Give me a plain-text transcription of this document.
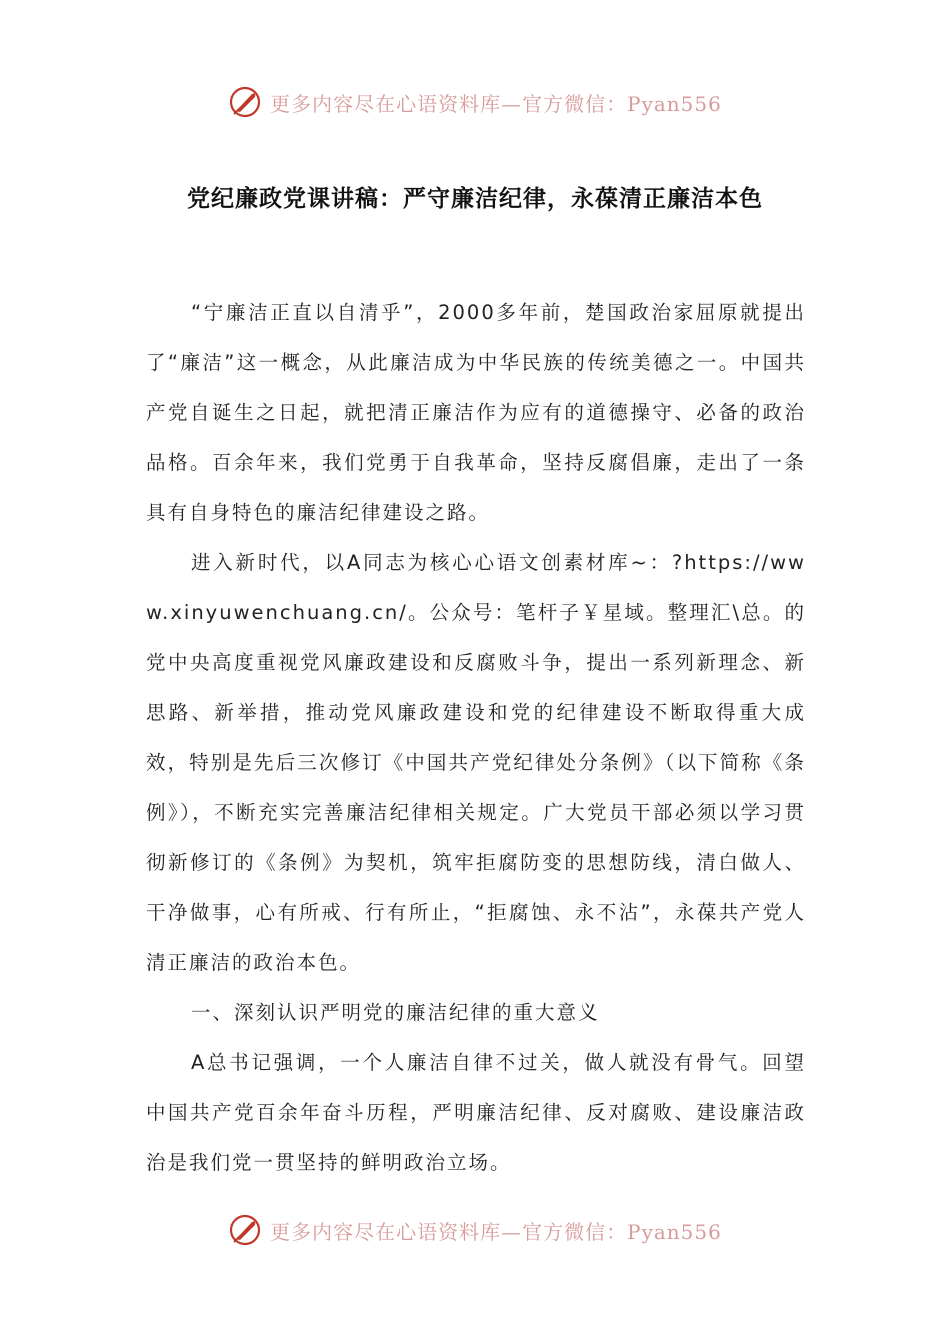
更多内容尽在心语资料库—官方微信：Pyan556
党纪廉政党课讲稿：严守廉洁纪律，永葆清正廉洁本色

“宁廉洁正直以自清乎”，2000多年前，楚国政治家屈原就提出了“廉洁”这一概念，从此廉洁成为中华民族的传统美德之一。中国共产党自诞生之日起，就把清正廉洁作为应有的道德操守、必备的政治品格。百余年来，我们党勇于自我革命，坚持反腐倡廉，走出了一条具有自身特色的廉洁纪律建设之路。

进入新时代，以A同志为核心心语文创素材库~：?https://www.xinyuwenchuang.cn/。公众号：笔杆子￥星域。整理汇\总。的党中央高度重视党风廉政建设和反腐败斗争，提出一系列新理念、新思路、新举措，推动党风廉政建设和党的纪律建设不断取得重大成效，特别是先后三次修订《中国共产党纪律处分条例》（以下简称《条例》），不断充实完善廉洁纪律相关规定。广大党员干部必须以学习贯彻新修订的《条例》为契机，筑牢拒腐防变的思想防线，清白做人、干净做事，心有所戒、行有所止，“拒腐蚀、永不沾”，永葆共产党人清正廉洁的政治本色。

一、深刻认识严明党的廉洁纪律的重大意义

A总书记强调，一个人廉洁自律不过关，做人就没有骨气。回望中国共产党百余年奋斗历程，严明廉洁纪律、反对腐败、建设廉洁政治是我们党一贯坚持的鲜明政治立场。

更多内容尽在心语资料库—官方微信：Pyan556
